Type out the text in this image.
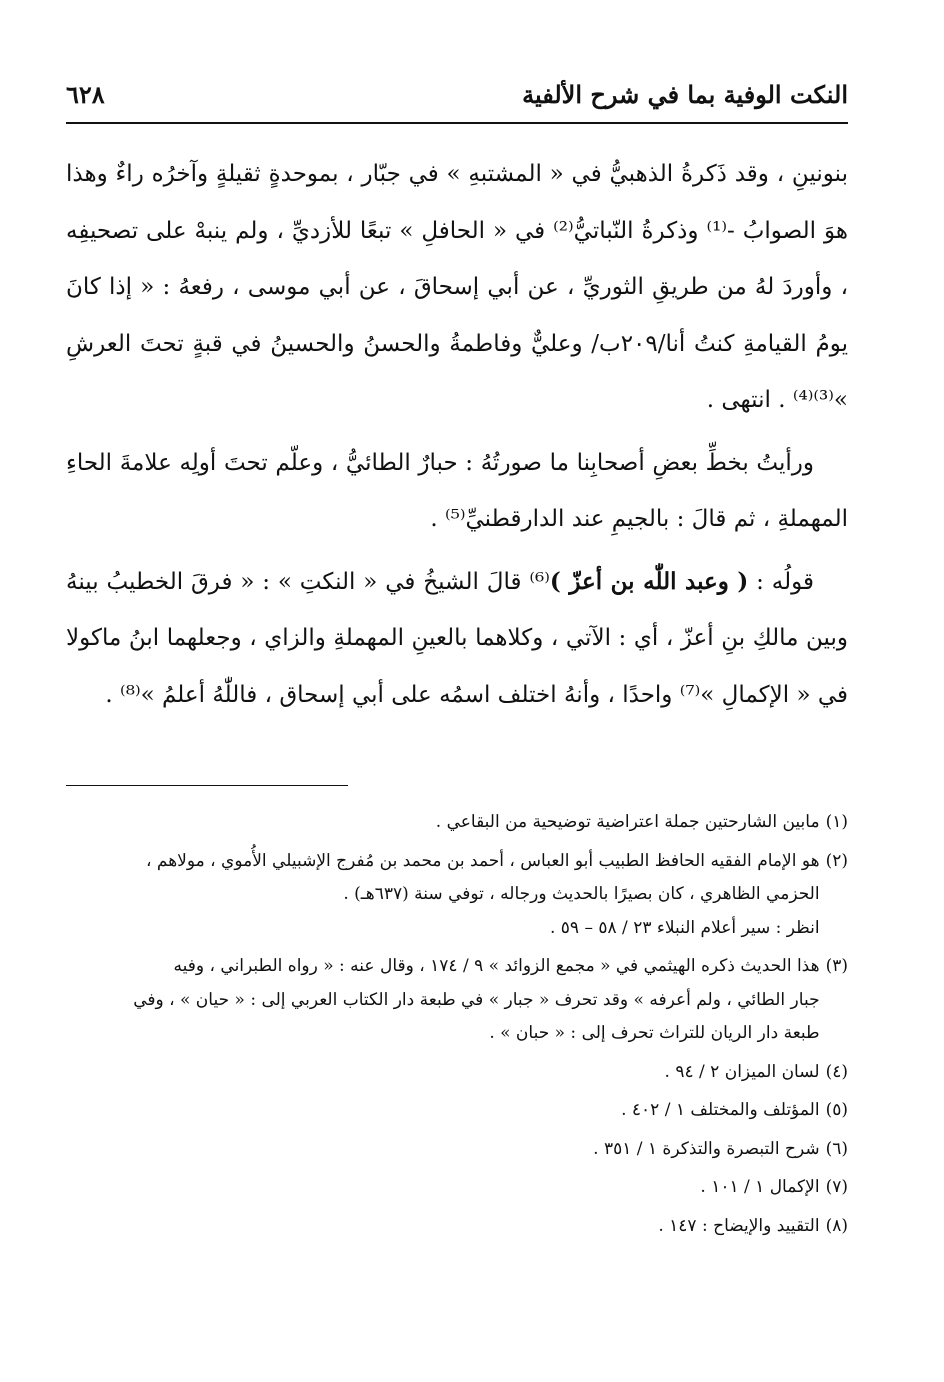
النكت الوفية بما في شرح الألفية
٦٢٨

بنونينِ ، وقد ذَكرةُ الذهبيُّ في « المشتبهِ » في جبّار ، بموحدةٍ ثقيلةٍ وآخرُه راءٌ وهذا هوَ الصوابُ -⁽¹⁾ وذكرةُ النّباتيُّ⁽²⁾ في « الحافلِ » تبعًا للأزديِّ ، ولم ينبهْ على تصحيفِه ، وأوردَ لهُ من طريقِ الثوريِّ ، عن أبي إسحاقَ ، عن أبي موسى ، رفعهُ : « إذا كانَ يومُ القيامةِ كنتُ أنا/٢٠٩ب/ وعليٌّ وفاطمةُ والحسنُ والحسينُ في قبةٍ تحتَ العرشِ »⁽³⁾⁽⁴⁾ . انتهى .

ورأيتُ بخطِّ بعضِ أصحابِنا ما صورتُهُ : حبارٌ الطائيُّ ، وعلّم تحتَ أولِه علامةَ الحاءِ المهملةِ ، ثم قالَ : بالجيمِ عند الدارقطنيِّ⁽⁵⁾ .

قولُه : ( وعبد اللّٰه بن أعزّ )⁽⁶⁾ قالَ الشيخُ في « النكتِ » : « فرقَ الخطيبُ بينهُ وبين مالكِ بنِ أعزّ ، أي : الآتي ، وكلاهما بالعينِ المهملةِ والزاي ، وجعلهما ابنُ ماكولا في « الإكمالِ »⁽⁷⁾ واحدًا ، وأنهُ اختلف اسمُه على أبي إسحاق ، فاللّٰهُ أعلمُ »⁽⁸⁾ .

(١)
مابين الشارحتين جملة اعتراضية توضيحية من البقاعي .
(٢)
هو الإمام الفقيه الحافظ الطبيب أبو العباس ، أحمد بن محمد بن مُفرج الإشبيلي الأُموي ، مولاهم ،
الحزمي الظاهري ، كان بصيرًا بالحديث ورجاله ، توفي سنة (٦٣٧هـ) .
انظر : سير أعلام النبلاء ٢٣ / ٥٨ – ٥٩ .
(٣)
هذا الحديث ذكره الهيثمي في « مجمع الزوائد » ٩ / ١٧٤ ، وقال عنه : « رواه الطبراني ، وفيه
جبار الطائي ، ولم أعرفه » وقد تحرف « جبار » في طبعة دار الكتاب العربي إلى : « حيان » ، وفي
طبعة دار الريان للتراث تحرف إلى : « حبان » .
(٤)
لسان الميزان ٢ / ٩٤ .
(٥)
المؤتلف والمختلف ١ / ٤٠٢ .
(٦)
شرح التبصرة والتذكرة ١ / ٣٥١ .
(٧)
الإكمال ١ / ١٠١ .
(٨)
التقييد والإيضاح : ١٤٧ .
